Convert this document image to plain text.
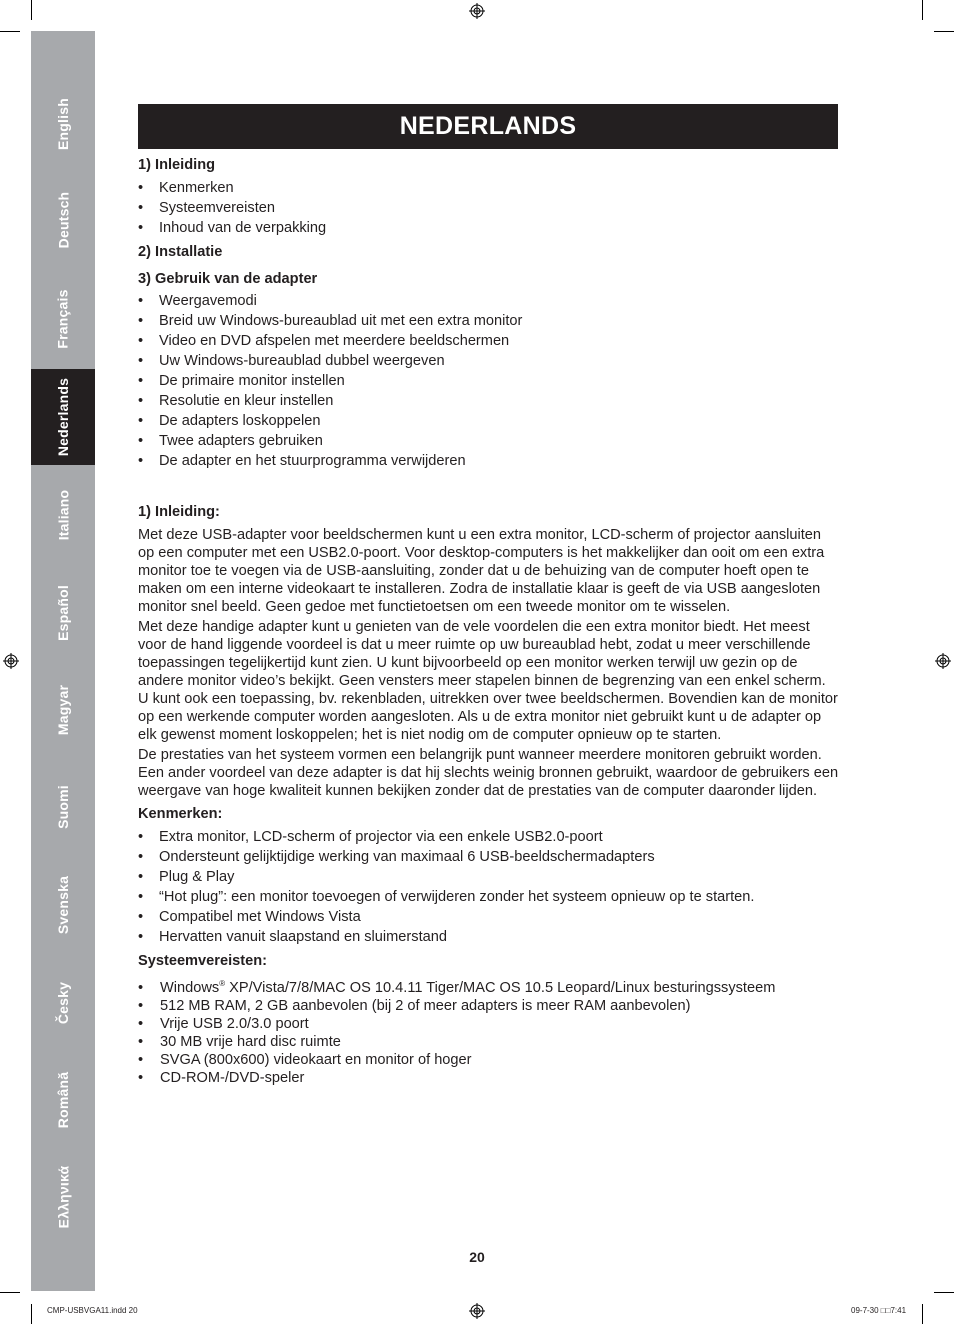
English
Deutsch
Français
Nederlands
Italiano
Español
Magyar
Suomi
Svenska
Česky
Română
Ελληνικά
NEDERLANDS

1) Inleiding

• Kenmerken
• Systeemvereisten
• Inhoud van de verpakking

2) Installatie

3) Gebruik van de adapter

• Weergavemodi
• Breid uw Windows-bureaublad uit met een extra monitor
• Video en DVD afspelen met meerdere beeldschermen
• Uw Windows-bureaublad dubbel weergeven
• De primaire monitor instellen
• Resolutie en kleur instellen
• De adapters loskoppelen
• Twee adapters gebruiken
• De adapter en het stuurprogramma verwijderen

1) Inleiding:

Met deze USB-adapter voor beeldschermen kunt u een extra monitor, LCD-scherm of projector aansluiten op een computer met een USB2.0-poort. Voor desktop-computers is het makkelijker dan ooit om een extra monitor toe te voegen via de USB-aansluiting, zonder dat u de behuizing van de computer hoeft open te maken om een interne videokaart te installeren. Zodra de installatie klaar is geeft de via USB aangesloten monitor snel beeld. Geen gedoe met functietoetsen om een tweede monitor om te wisselen.

Met deze handige adapter kunt u genieten van de vele voordelen die een extra monitor biedt. Het meest voor de hand liggende voordeel is dat u meer ruimte op uw bureaublad hebt, zodat u meer verschillende toepassingen tegelijkertijd kunt zien. U kunt bijvoorbeeld op een monitor werken terwijl uw gezin op de andere monitor video’s bekijkt. Geen vensters meer stapelen binnen de begrenzing van een enkel scherm. U kunt ook een toepassing, bv. rekenbladen, uitrekken over twee beeldschermen. Bovendien kan de monitor op een werkende computer worden aangesloten. Als u de extra monitor niet gebruikt kunt u de adapter op elk gewenst moment loskoppelen; het is niet nodig om de computer opnieuw op te starten.

De prestaties van het systeem vormen een belangrijk punt wanneer meerdere monitoren gebruikt worden. Een ander voordeel van deze adapter is dat hij slechts weinig bronnen gebruikt, waardoor de gebruikers een weergave van hoge kwaliteit kunnen bekijken zonder dat de prestaties van de computer daaronder lijden.

Kenmerken:

• Extra monitor, LCD-scherm of projector via een enkele USB2.0-poort
• Ondersteunt gelijktijdige werking van maximaal 6 USB-beeldschermadapters
• Plug & Play
• “Hot plug”: een monitor toevoegen of verwijderen zonder het systeem opnieuw op te starten.
• Compatibel met Windows Vista
• Hervatten vanuit slaapstand en sluimerstand

Systeemvereisten:

• Windows® XP/Vista/7/8/MAC OS 10.4.11 Tiger/MAC OS 10.5 Leopard/Linux besturingssysteem
• 512 MB RAM, 2 GB aanbevolen (bij 2 of meer adapters is meer RAM aanbevolen)
• Vrije USB 2.0/3.0 poort
• 30 MB vrije hard disc ruimte
• SVGA (800x600) videokaart en monitor of hoger
• CD-ROM-/DVD-speler
20
CMP-USBVGA11.indd 20	09-7-30 □□7:41
